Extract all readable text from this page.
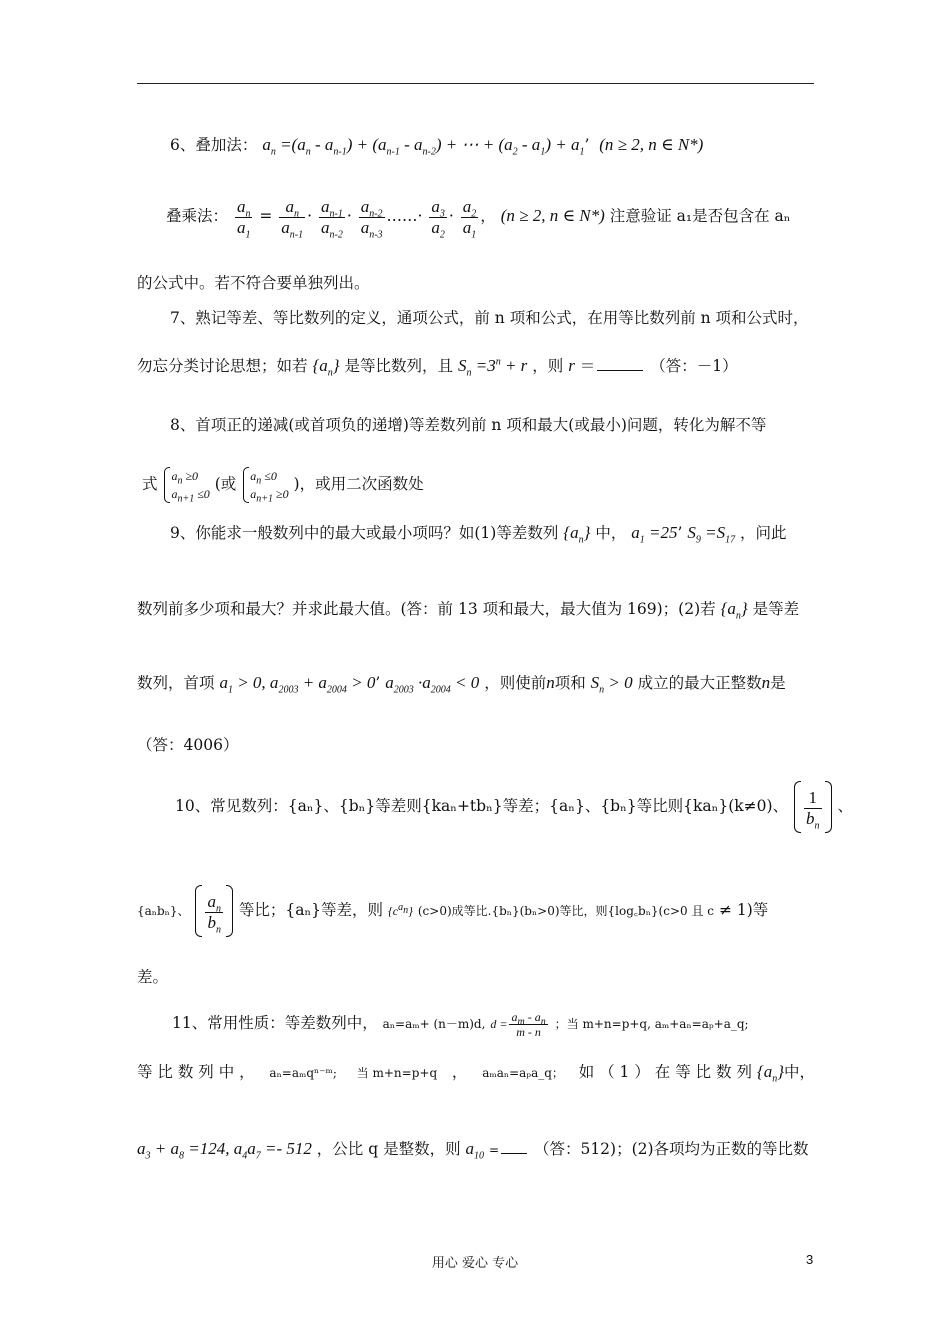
6、叠加法： $a_n =(a_n - a_{n-1}) + (a_{n-1} - a_{n-2})$ + ⋯ + $(a_2 - a_1) + a_1$’  (n ≥ 2, n ∈ N*)
叠乘法： $\frac{a_n}{a_1} = \frac{a_n}{a_{n-1}} \cdot \frac{a_{n-1}}{a_{n-2}} \cdot \frac{a_{n-2}}{a_{n-3}}$ ……· $\frac{a_3}{a_2} \cdot \frac{a_2}{a_1}$ ， (n ≥ 2, n ∈ N*) 注意验证 a₁是否包含在 aₙ
的公式中。若不符合要单独列出。
7、熟记等差、等比数列的定义，通项公式，前 n 项和公式，在用等比数列前 n 项和公式时，
勿忘分类讨论思想；如若 $\{a_n\}$ 是等比数列，且 $S_n =3^n + r$ ，则 r ＝	（答：－1）
8、首项正的递减(或首项负的递增)等差数列前 n 项和最大(或最小)问题，转化为解不等
式 $a_n \ge 0$
$a_{n+1} \le 0$
(或 $a_n \le 0$
$a_{n+1} \ge 0$
)，或用二次函数处
9、你能求一般数列中的最大或最小项吗？如(1)等差数列 $\{a_n\}$ 中， $a_1 =25$’ $S_9 =S_{17}$ ，问此
数列前多少项和最大？并求此最大值。(答：前 13 项和最大，最大值为 169)；(2)若 $\{a_n\}$ 是等差
数列，首项 $a_1 > 0$, $a_{2003} + a_{2004} > 0$’ $a_{2003} \cdot a_{2004} < 0$ ，则使前n项和 $S_n > 0$ 成立的最大正整数n是
（答：4006）
10、常见数列：{aₙ}、{bₙ}等差则{kaₙ+tbₙ}等差；{aₙ}、{bₙ}等比则{kaₙ}(k≠0)、 $\frac{1}{b_n}$ 、
{aₙbₙ}、 $\frac{a_n}{b_n}$ 等比；{aₙ}等差，则 $\{c^{a_n}\}$ (c>0)成等比.{bₙ}(bₙ>0)等比，则{log꜀bₙ}(c>0 且 c ≠ 1)等
差。
11、常用性质：等差数列中， aₙ=aₘ+ (n－m)d, $d = \frac{a_m - a_n}{m - n}$ ；当 m+n=p+q, aₘ+aₙ=aₚ+a_q;
等 比 数 列 中 ， aₙ=aₘqⁿ⁻ᵐ; 当 m+n=p+q ， aₘaₙ=aₚa_q； 如 （ 1 ） 在 等 比 数 列 $\{a_n\}$中，
$a_3 + a_8 =124$, $a_4a_7 =- 512$ ，公比 q 是整数，则 $a_{10}$ = （答：512)；(2)各项均为正数的等比数
用心 爱心 专心	3
